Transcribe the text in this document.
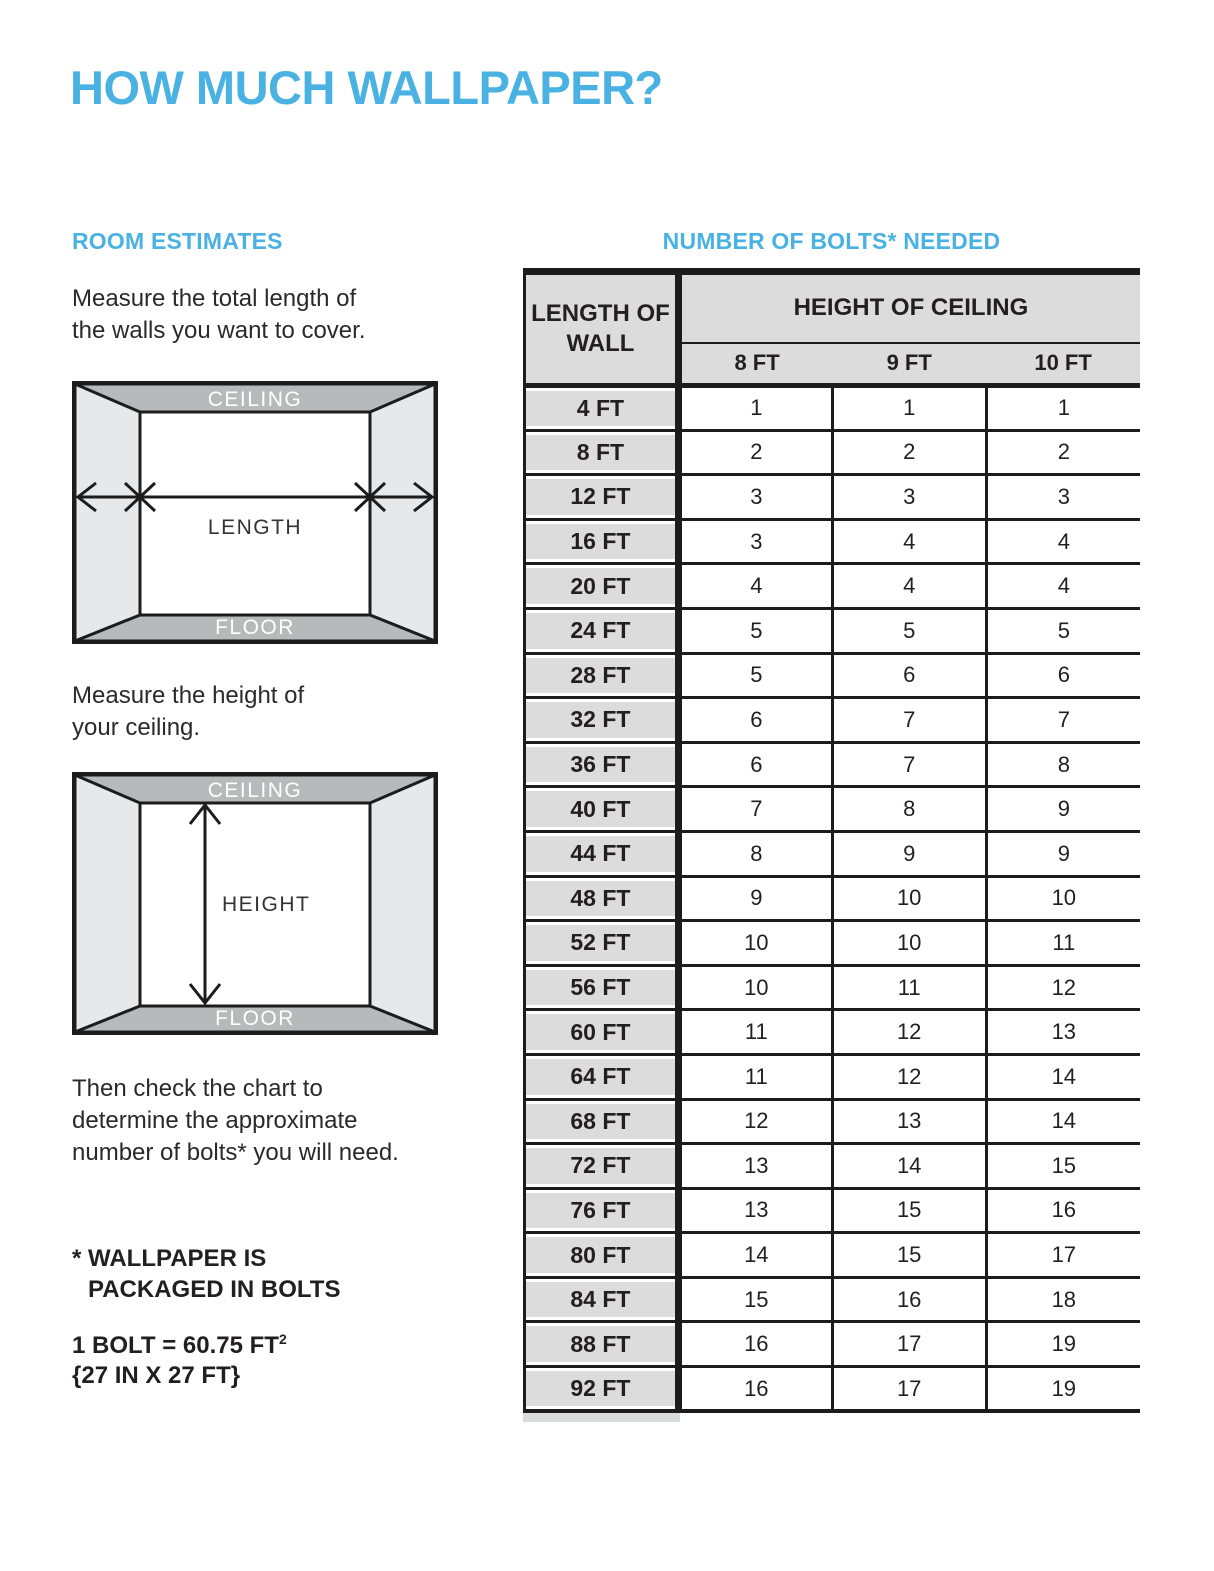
HOW MUCH WALLPAPER?
ROOM ESTIMATES	NUMBER OF BOLTS* NEEDED
Measure the total length of
the walls you want to cover.
CEILING
FLOOR
LENGTH
Measure the height of
your ceiling.
CEILING
FLOOR
HEIGHT
Then check the chart to
determine the approximate
number of bolts* you will need.
* WALLPAPER IS
PACKAGED IN BOLTS
1 BOLT = 60.75 $FT^2$
{27 IN X 27 FT}
LENGTH OF WALL	HEIGHT OF CEILING		
	8 FT	9 FT	10 FT
4 FT	1	1	1
8 FT	2	2	2
12 FT	3	3	3
16 FT	3	4	4
20 FT	4	4	4
24 FT	5	5	5
28 FT	5	6	6
32 FT	6	7	7
36 FT	6	7	8
40 FT	7	8	9
44 FT	8	9	9
48 FT	9	10	10
52 FT	10	10	11
56 FT	10	11	12
60 FT	11	12	13
64 FT	11	12	14
68 FT	12	13	14
72 FT	13	14	15
76 FT	13	15	16
80 FT	14	15	17
84 FT	15	16	18
88 FT	16	17	19
92 FT	16	17	19
